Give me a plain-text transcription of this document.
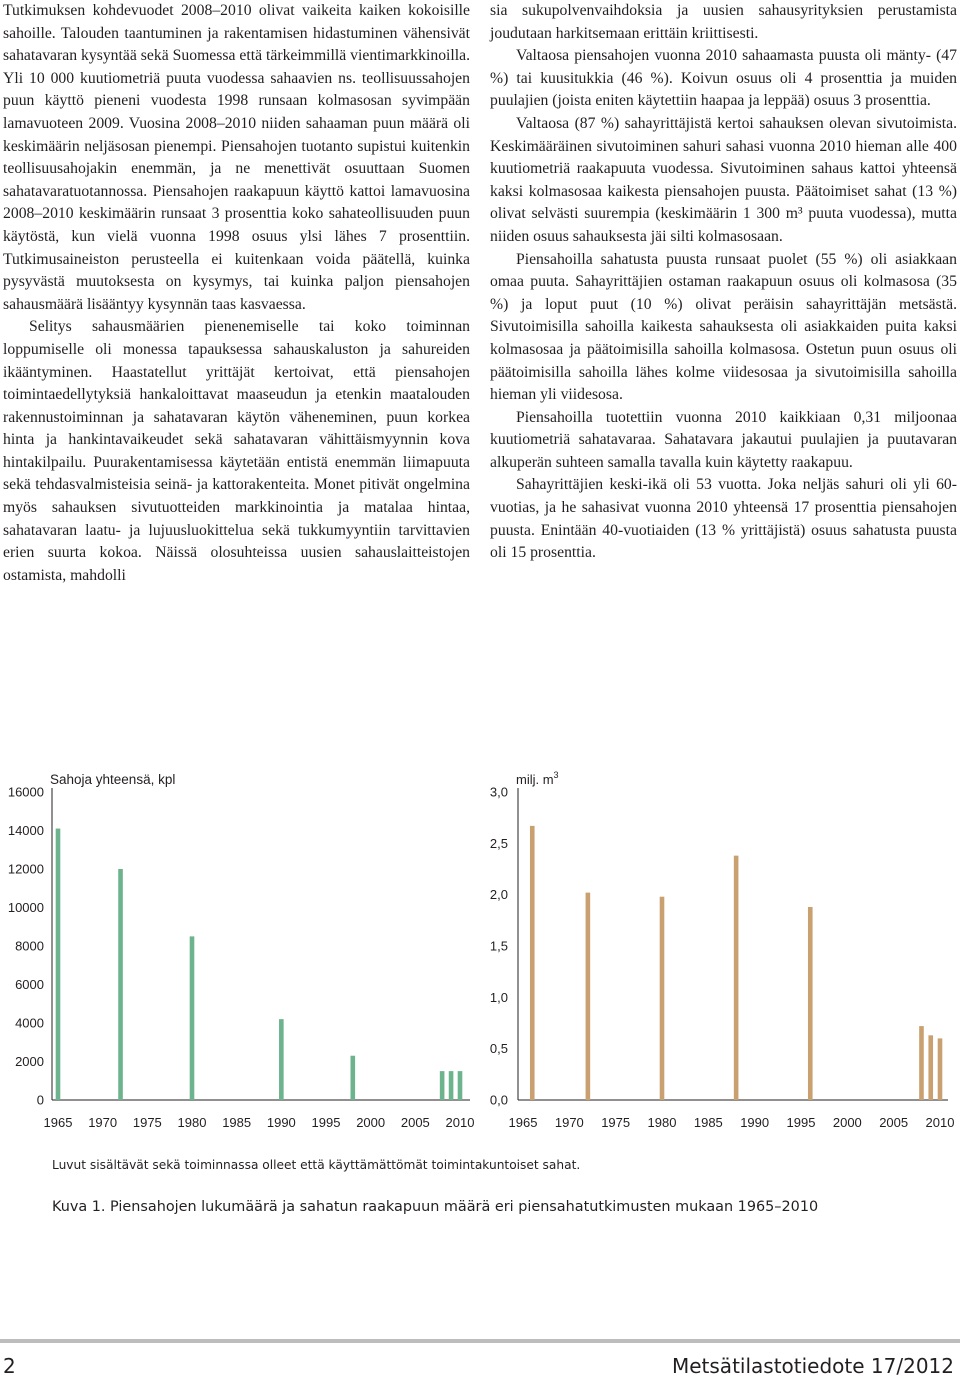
Tutkimuksen kohdevuodet 2008–2010 olivat vaikeita kaiken kokoisille sahoille. Talouden taantuminen ja rakentamisen hidastuminen vähensivät sahatavaran kysyntää sekä Suomessa että tärkeimmillä vientimarkkinoilla. Yli 10 000 kuutiometriä puuta vuodessa sahaavien ns. teollisuussahojen puun käyttö pieneni vuodesta 1998 runsaan kolmasosan syvimpään lamavuoteen 2009. Vuosina 2008–2010 niiden sahaaman puun määrä oli keskimäärin neljäsosan pienempi. Piensahojen tuotanto supistui kuitenkin teollisuusahojakin enemmän, ja ne menettivät osuuttaan Suomen sahatavaratuotannossa. Piensahojen raakapuun käyttö kattoi lamavuosina 2008–2010 keskimäärin runsaat 3 prosenttia koko sahateollisuuden puun käytöstä, kun vielä vuonna 1998 osuus ylsi lähes 7 prosenttiin. Tutkimusaineiston perusteella ei kuitenkaan voida päätellä, kuinka pysyvästä muutoksesta on kysymys, tai kuinka paljon piensahojen sahausmäärä lisääntyy kysynnän taas kasvaessa.

Selitys sahausmäärien pienenemiselle tai koko toiminnan loppumiselle oli monessa tapauksessa sahauskaluston ja sahureiden ikääntyminen. Haastatellut yrittäjät kertoivat, että piensahojen toimintaedellytyksiä hankaloittavat maaseudun ja etenkin maatalouden rakennustoiminnan ja sahatavaran käytön väheneminen, puun korkea hinta ja hankintavaikeudet sekä sahatavaran vähittäismyynnin kova hintakilpailu. Puurakentamisessa käytetään entistä enemmän liimapuuta sekä tehdasvalmisteisia seinä- ja kattorakenteita. Monet pitivät ongelmina myös sahauksen sivutuotteiden markkinointia ja matalaa hintaa, sahatavaran laatu- ja lujuusluokittelua sekä tukkumyyntiin tarvittavien erien suurta kokoa. Näissä olosuhteissa uusien sahauslaitteistojen ostamista, mahdolli

sia sukupolvenvaihdoksia ja uusien sahausyrityksien perustamista joudutaan harkitsemaan erittäin kriittisesti.

Valtaosa piensahojen vuonna 2010 sahaamasta puusta oli mänty- (47 %) tai kuusitukkia (46 %). Koivun osuus oli 4 prosenttia ja muiden puulajien (joista eniten käytettiin haapaa ja leppää) osuus 3 prosenttia.

Valtaosa (87 %) sahayrittäjistä kertoi sahauksen olevan sivutoimista. Keskimääräinen sivutoiminen sahuri sahasi vuonna 2010 hieman alle 400 kuutiometriä raakapuuta vuodessa. Sivutoiminen sahaus kattoi yhteensä kaksi kolmasosaa kaikesta piensahojen puusta. Päätoimiset sahat (13 %) olivat selvästi suurempia (keskimäärin 1 300 m³ puuta vuodessa), mutta niiden osuus sahauksesta jäi silti kolmasosaan.

Piensahoilla sahatusta puusta runsaat puolet (55 %) oli asiakkaan omaa puuta. Sahayrittäjien ostaman raakapuun osuus oli kolmasosa (35 %) ja loput puut (10 %) olivat peräisin sahayrittäjän metsästä. Sivutoimisilla sahoilla kaikesta sahauksesta oli asiakkaiden puita kaksi kolmasosaa ja päätoimisilla sahoilla kolmasosa. Ostetun puun osuus oli päätoimisilla sahoilla lähes kolme viidesosaa ja sivutoimisilla sahoilla hieman yli viidesosa.

Piensahoilla tuotettiin vuonna 2010 kaikkiaan 0,31 miljoonaa kuutiometriä sahatavaraa. Sahatavara jakautui puulajien ja puutavaran alkuperän suhteen samalla tavalla kuin käytetty raakapuu.

Sahayrittäjien keski-ikä oli 53 vuotta. Joka neljäs sahuri oli yli 60-vuotias, ja he sahasivat vuonna 2010 yhteensä 17 prosenttia piensahojen puusta. Enintään 40-vuotiaiden (13 % yrittäjistä) osuus sahatusta puusta oli 15 prosenttia.

0
2000
4000
6000
8000
10000
12000
14000
16000
1965 1970 1975 1980 1985 1990 1995 2000 2005 2010
Sahoja yhteensä, kpl
0,0
0,5
1,0
1,5
2,0
2,5
3,0
1965 1970 1975 1980 1985 1990 1995 2000 2005 2010
milj. $m^3$
Luvut sisältävät sekä toiminnassa olleet että käyttämättömät toimintakuntoiset sahat.
Kuva 1. Piensahojen lukumäärä ja sahatun raakapuun määrä eri piensahatutkimusten mukaan 1965–2010
2	Metsätilastotiedote 17/2012
